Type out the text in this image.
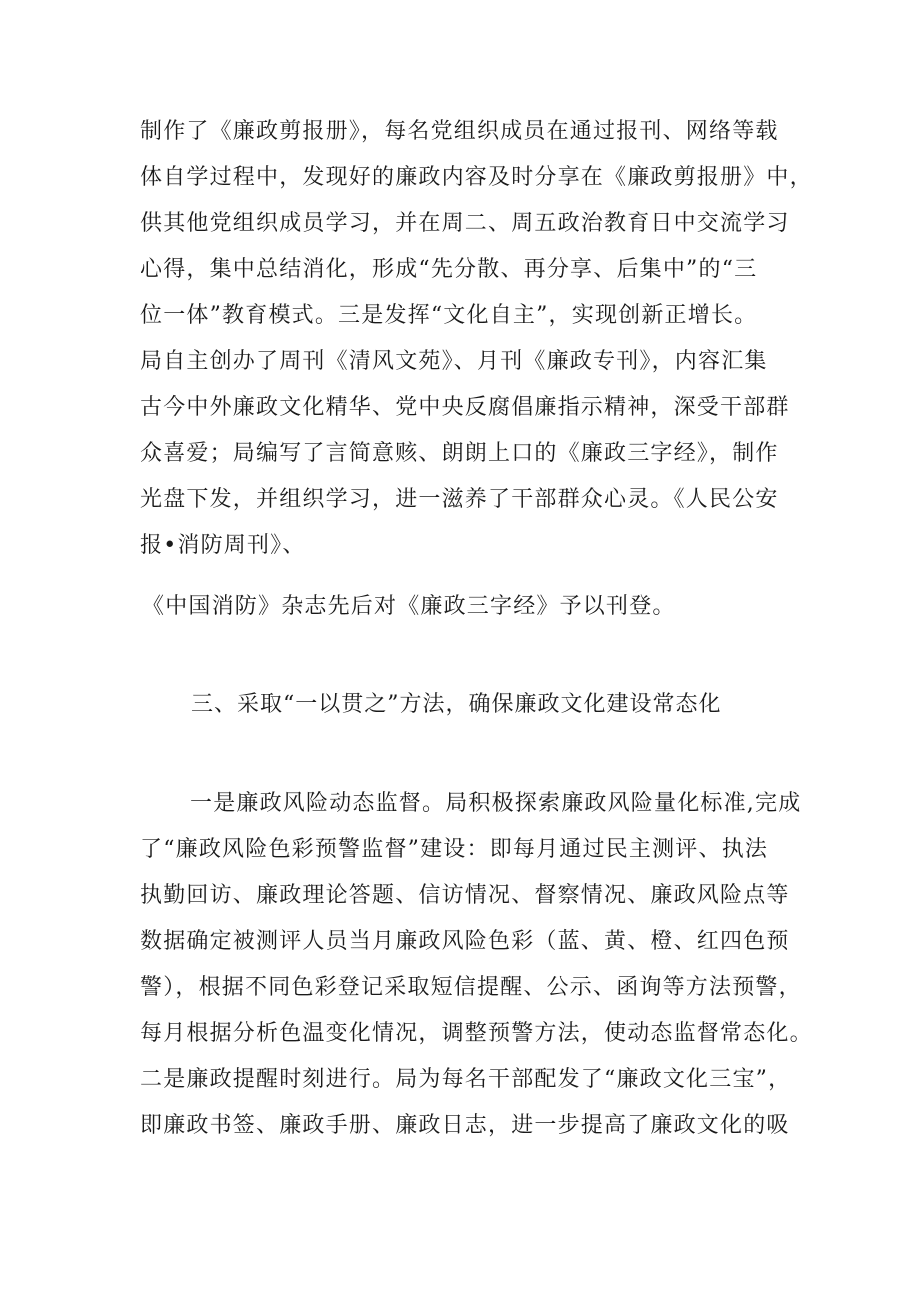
制作了《廉政剪报册》，每名党组织成员在通过报刊、网络等载
体自学过程中，发现好的廉政内容及时分享在《廉政剪报册》中，
供其他党组织成员学习，并在周二、周五政治教育日中交流学习
心得，集中总结消化，形成“先分散、再分享、后集中”的“三
位一体”教育模式。三是发挥“文化自主”，实现创新正增长。
局自主创办了周刊《清风文苑》、月刊《廉政专刊》，内容汇集
古今中外廉政文化精华、党中央反腐倡廉指示精神，深受干部群
众喜爱；局编写了言简意赅、朗朗上口的《廉政三字经》，制作
光盘下发，并组织学习，进一滋养了干部群众心灵。《人民公安
报•消防周刊》、
《中国消防》杂志先后对《廉政三字经》予以刊登。
三、采取“一以贯之”方法，确保廉政文化建设常态化
一是廉政风险动态监督。局积极探索廉政风险量化标准,完成
了“廉政风险色彩预警监督”建设：即每月通过民主测评、执法
执勤回访、廉政理论答题、信访情况、督察情况、廉政风险点等
数据确定被测评人员当月廉政风险色彩（蓝、黄、橙、红四色预
警），根据不同色彩登记采取短信提醒、公示、函询等方法预警，
每月根据分析色温变化情况，调整预警方法，使动态监督常态化。
二是廉政提醒时刻进行。局为每名干部配发了“廉政文化三宝”，
即廉政书签、廉政手册、廉政日志，进一步提高了廉政文化的吸
